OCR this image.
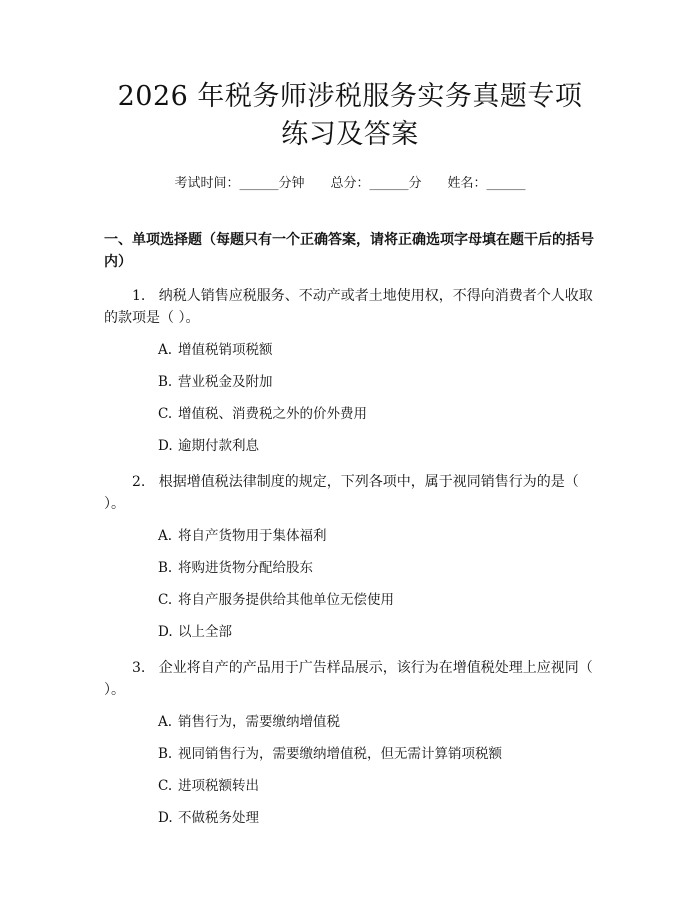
2026 年税务师涉税服务实务真题专项练习及答案
考试时间：______分钟 总分：______分 姓名：______
一、单项选择题（每题只有一个正确答案，请将正确选项字母填在题干后的括号内）
1. 纳税人销售应税服务、不动产或者土地使用权，不得向消费者个人收取的款项是（ ）。
A. 增值税销项税额
B. 营业税金及附加
C. 增值税、消费税之外的价外费用
D. 逾期付款利息
2. 根据增值税法律制度的规定，下列各项中，属于视同销售行为的是（ ）。
A. 将自产货物用于集体福利
B. 将购进货物分配给股东
C. 将自产服务提供给其他单位无偿使用
D. 以上全部
3. 企业将自产的产品用于广告样品展示，该行为在增值税处理上应视同（ ）。
A. 销售行为，需要缴纳增值税
B. 视同销售行为，需要缴纳增值税，但无需计算销项税额
C. 进项税额转出
D. 不做税务处理
